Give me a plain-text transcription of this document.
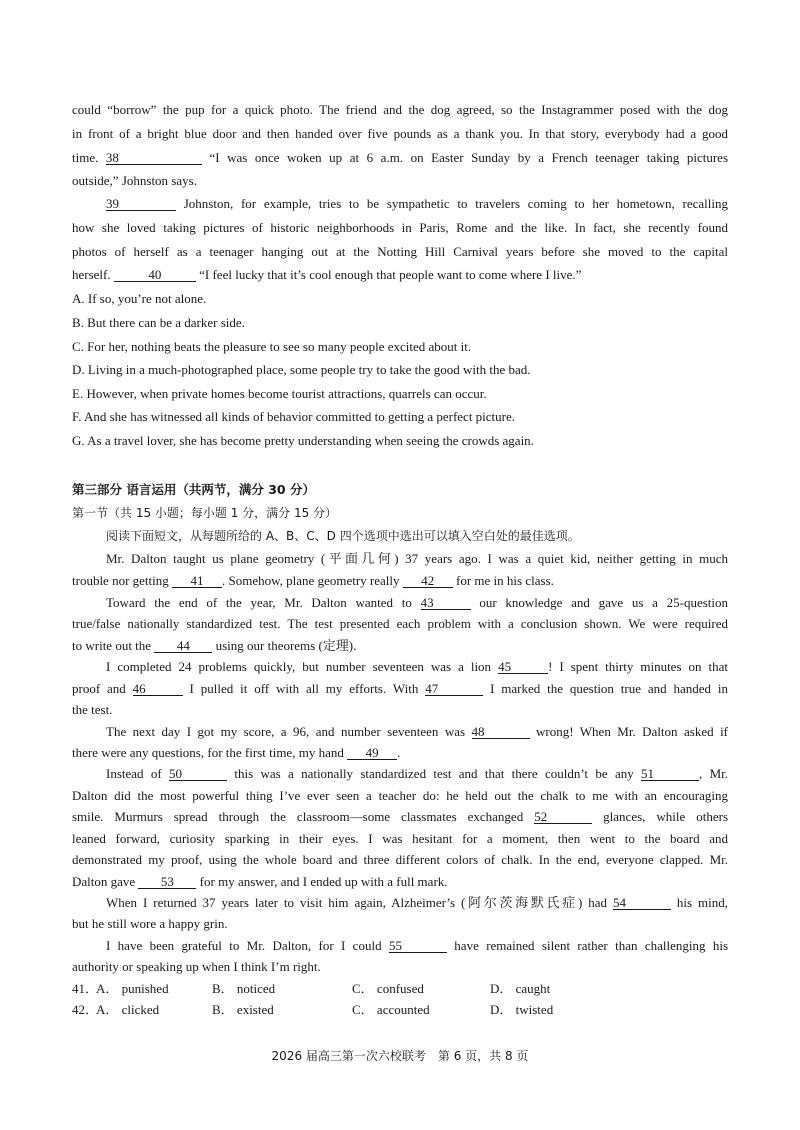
could “borrow” the pup for a quick photo. The friend and the dog agreed, so the Instagrammer posed with the dog
in front of a bright blue door and then handed over five pounds as a thank you. In that story, everybody had a good
time. 38	“I was once woken up at 6 a.m. on Easter Sunday by a French teenager taking pictures
outside,” Johnston says.
39	Johnston, for example, tries to be sympathetic to travelers coming to her hometown, recalling
how she loved taking pictures of historic neighborhoods in Paris, Rome and the like. In fact, she recently found
photos of herself as a teenager hanging out at the Notting Hill Carnival years before she moved to the capital
herself.	40	“I feel lucky that it’s cool enough that people want to come where I live.”
A. If so, you’re not alone.
B. But there can be a darker side.
C. For her, nothing beats the pleasure to see so many people excited about it.
D. Living in a much-photographed place, some people try to take the good with the bad.
E. However, when private homes become tourist attractions, quarrels can occur.
F. And she has witnessed all kinds of behavior committed to getting a perfect picture.
G. As a travel lover, she has become pretty understanding when seeing the crowds again.
第三部分 语言运用（共两节，满分 30 分）
第一节（共 15 小题；每小题 1 分，满分 15 分）
阅读下面短文，从每题所给的 A、B、C、D 四个选项中选出可以填入空白处的最佳选项。
Mr. Dalton taught us plane geometry (平面几何) 37 years ago. I was a quiet kid, neither getting in much
trouble nor getting 41 . Somehow, plane geometry really 42 for me in his class.
Toward the end of the year, Mr. Dalton wanted to 43	our knowledge and gave us a 25-question
true/false nationally standardized test. The test presented each problem with a conclusion shown. We were required
to write out the 44 using our theorems (定理).
I completed 24 problems quickly, but number seventeen was a lion 45	! I spent thirty minutes on that
proof and 46	I pulled it off with all my efforts. With 47	I marked the question true and handed in
the test.
The next day I got my score, a 96, and number seventeen was 48	wrong! When Mr. Dalton asked if
there were any questions, for the first time, my hand 49 .
Instead of 50	this was a nationally standardized test and that there couldn’t be any 51	, Mr.
Dalton did the most powerful thing I’ve ever seen a teacher do: he held out the chalk to me with an encouraging
smile. Murmurs spread through the classroom—some classmates exchanged 52	glances, while others
leaned forward, curiosity sparking in their eyes. I was hesitant for a moment, then went to the board and
demonstrated my proof, using the whole board and three different colors of chalk. In the end, everyone clapped. Mr.
Dalton gave 53 for my answer, and I ended up with a full mark.
When I returned 37 years later to visit him again, Alzheimer’s (阿尔茨海默氏症) had 54	his mind,
but he still wore a happy grin.
I have been grateful to Mr. Dalton, for I could 55	have remained silent rather than challenging his
authority or speaking up when I think I’m right.
41．
A． punished	B． noticed	C． confused	D． caught
42．
A． clicked	B． existed	C． accounted	D． twisted
2026 届高三第一次六校联考　第 6 页，共 8 页
